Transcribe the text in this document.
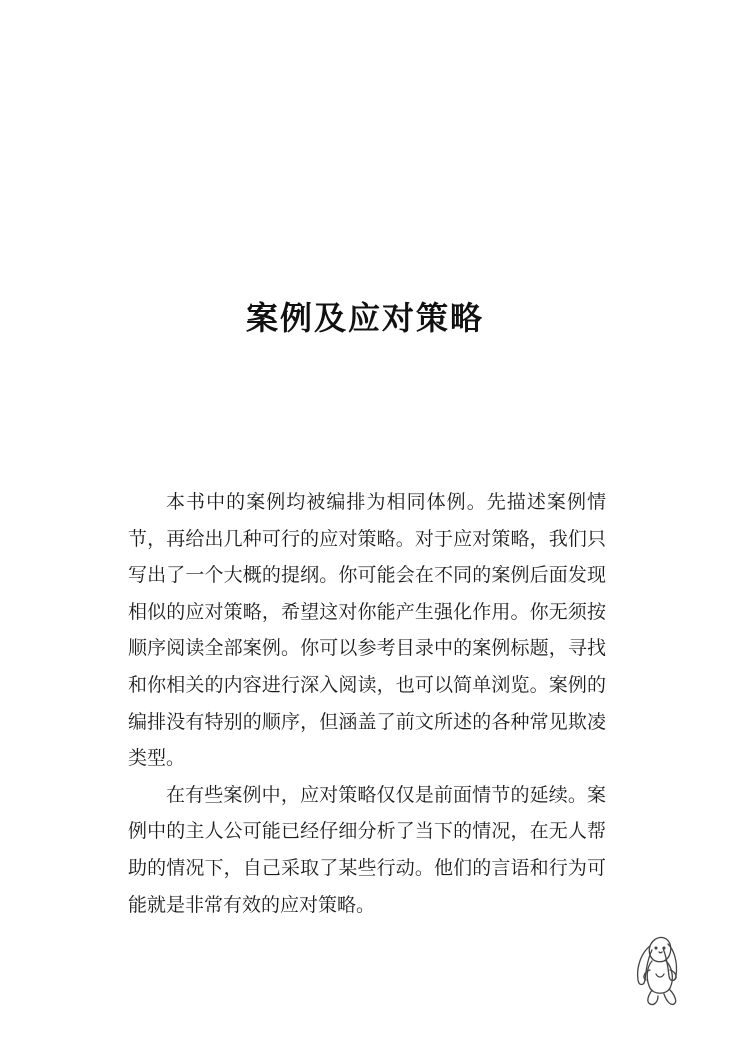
案例及应对策略

本书中的案例均被编排为相同体例。先描述案例情节，再给出几种可行的应对策略。对于应对策略，我们只写出了一个大概的提纲。你可能会在不同的案例后面发现相似的应对策略，希望这对你能产生强化作用。你无须按顺序阅读全部案例。你可以参考目录中的案例标题，寻找和你相关的内容进行深入阅读，也可以简单浏览。案例的编排没有特别的顺序，但涵盖了前文所述的各种常见欺凌类型。

在有些案例中，应对策略仅仅是前面情节的延续。案例中的主人公可能已经仔细分析了当下的情况，在无人帮助的情况下，自己采取了某些行动。他们的言语和行为可能就是非常有效的应对策略。
